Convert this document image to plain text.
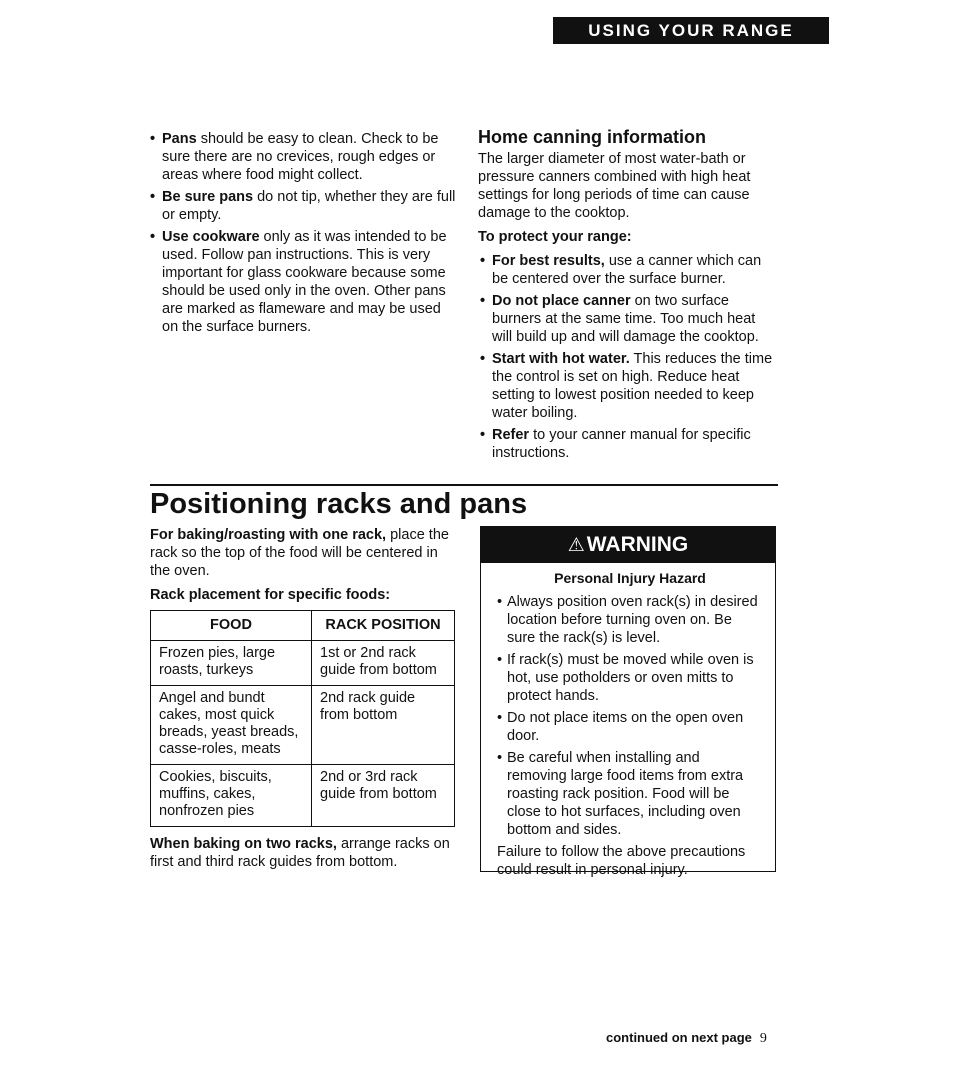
USING YOUR RANGE
• Pans should be easy to clean. Check to be sure there are no crevices, rough edges or areas where food might collect.
• Be sure pans do not tip, whether they are full or empty.
• Use cookware only as it was intended to be used. Follow pan instructions. This is very important for glass cookware because some should be used only in the oven. Other pans are marked as flameware and may be used on the surface burners.
Home canning information
The larger diameter of most water-bath or pressure canners combined with high heat settings for long periods of time can cause damage to the cooktop.
To protect your range:
• For best results, use a canner which can be centered over the surface burner.
• Do not place canner on two surface burners at the same time. Too much heat will build up and will damage the cooktop.
• Start with hot water. This reduces the time the control is set on high. Reduce heat setting to lowest position needed to keep water boiling.
• Refer to your canner manual for specific instructions.
Positioning racks and pans
For baking/roasting with one rack, place the rack so the top of the food will be centered in the oven.
Rack placement for specific foods:
FOOD	RACK POSITION
Frozen pies, large roasts, turkeys	1st or 2nd rack guide from bottom
Angel and bundt cakes, most quick breads, yeast breads, casse-roles, meats	2nd rack guide from bottom
Cookies, biscuits, muffins, cakes, nonfrozen pies	2nd or 3rd rack guide from bottom
When baking on two racks, arrange racks on first and third rack guides from bottom.
⚠WARNING
Personal Injury Hazard
• Always position oven rack(s) in desired location before turning oven on. Be sure the rack(s) is level.
• If rack(s) must be moved while oven is hot, use potholders or oven mitts to protect hands.
• Do not place items on the open oven door.
• Be careful when installing and removing large food items from extra roasting rack position. Food will be close to hot surfaces, including oven bottom and sides.
Failure to follow the above precautions could result in personal injury.
continued on next page 9
